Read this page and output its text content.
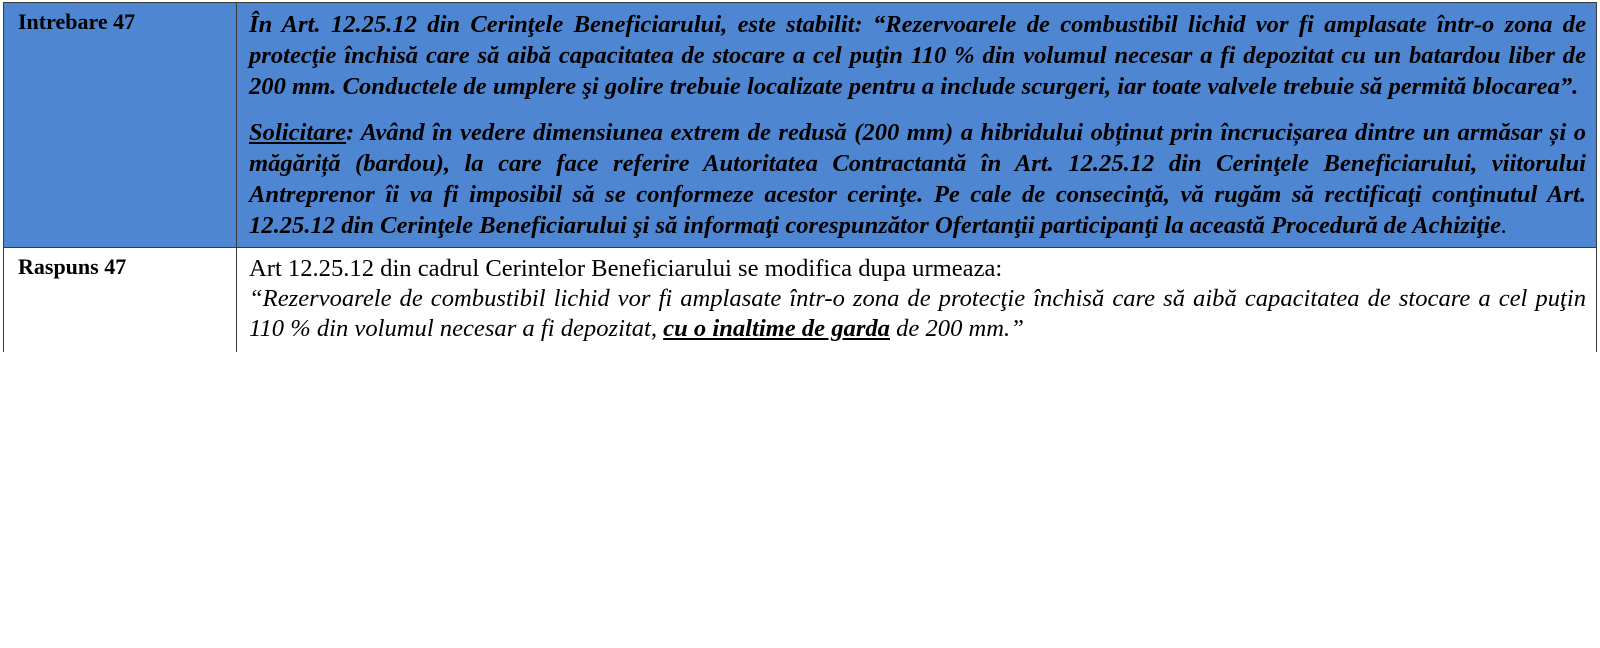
Intrebare 47	În Art. 12.25.12 din Cerinţele Beneficiarului, este stabilit: “Rezervoarele de combustibil lichid vor fi amplasate într-o zona de protecţie închisă care să aibă capacitatea de stocare a cel puţin 110 % din volumul necesar a fi depozitat cu un batardou liber de 200 mm. Conductele de umplere şi golire trebuie localizate pentru a include scurgeri, iar toate valvele trebuie să permită blocarea”.

Solicitare: Având în vedere dimensiunea extrem de redusă (200 mm) a hibridului obținut prin încrucișarea dintre un armăsar și o măgăriță (bardou), la care face referire Autoritatea Contractantă în Art. 12.25.12 din Cerinţele Beneficiarului, viitorului Antreprenor îi va fi imposibil să se conformeze acestor cerinţe. Pe cale de consecinţă, vă rugăm să rectificaţi conţinutul Art. 12.25.12 din Cerinţele Beneficiarului şi să informaţi corespunzător Ofertanţii participanţi la această Procedură de Achiziţie.

Raspuns 47	Art 12.25.12 din cadrul Cerintelor Beneficiarului se modifica dupa urmeaza:

“Rezervoarele de combustibil lichid vor fi amplasate într-o zona de protecţie închisă care să aibă capacitatea de stocare a cel puţin 110 % din volumul necesar a fi depozitat, cu o inaltime de garda de 200 mm.”
